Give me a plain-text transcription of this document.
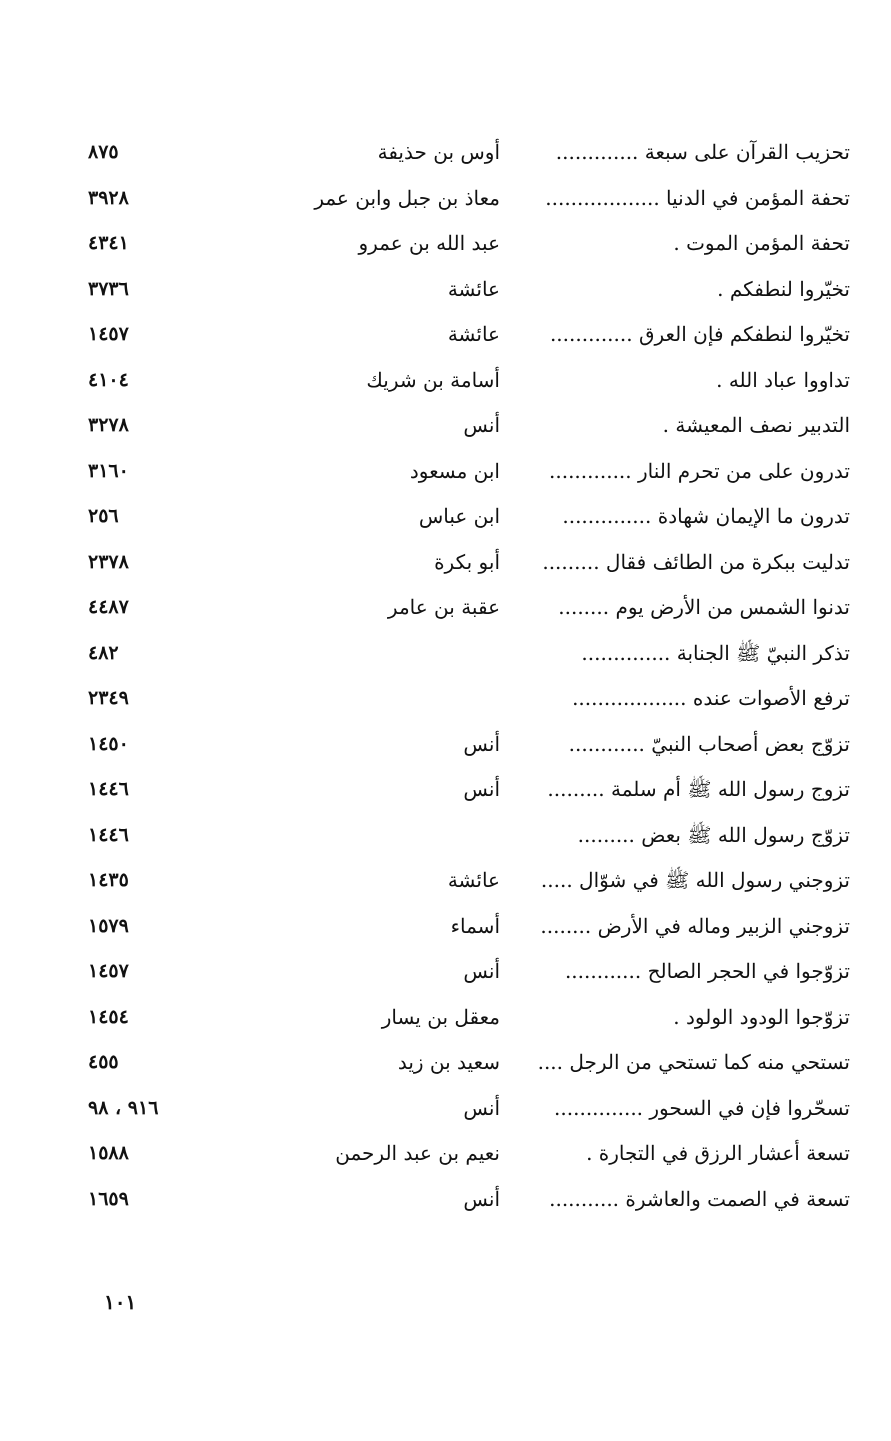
تحزيب القرآن على سبعة .............
أوس بن حذيفة
٨٧٥
تحفة المؤمن في الدنيا ..................
معاذ بن جبل وابن عمر
٣٩٢٨
تحفة المؤمن الموت .
عبد الله بن عمرو
٤٣٤١
تخيّروا لنطفكم .
عائشة
٣٧٣٦
تخيّروا لنطفكم فإن العرق .............
عائشة
١٤٥٧
تداووا عباد الله .
أسامة بن شريك
٤١٠٤
التدبير نصف المعيشة .
أنس
٣٢٧٨
تدرون على من تحرم النار .............
ابن مسعود
٣١٦٠
تدرون ما الإيمان شهادة ..............
ابن عباس
٢٥٦
تدليت ببكرة من الطائف فقال .........
أبو بكرة
٢٣٧٨
تدنوا الشمس من الأرض يوم ........
عقبة بن عامر
٤٤٨٧
تذكر النبيّ ﷺ الجنابة ..............
٤٨٢
ترفع الأصوات عنده ..................
٢٣٤٩
تزوّج بعض أصحاب النبيّ ............
أنس
١٤٥٠
تزوج رسول الله ﷺ أم سلمة .........
أنس
١٤٤٦
تزوّج رسول الله ﷺ بعض .........
١٤٤٦
تزوجني رسول الله ﷺ في شوّال .....
عائشة
١٤٣٥
تزوجني الزبير وماله في الأرض ........
أسماء
١٥٧٩
تزوّجوا في الحجر الصالح ............
أنس
١٤٥٧
تزوّجوا الودود الولود .
معقل بن يسار
١٤٥٤
تستحي منه كما تستحي من الرجل ....
سعيد بن زيد
٤٥٥
تسحّروا فإن في السحور ..............
أنس
٩١٦ ، ٩٨
تسعة أعشار الرزق في التجارة .
نعيم بن عبد الرحمن
١٥٨٨
تسعة في الصمت والعاشرة ...........
أنس
١٦٥٩
١٠١
